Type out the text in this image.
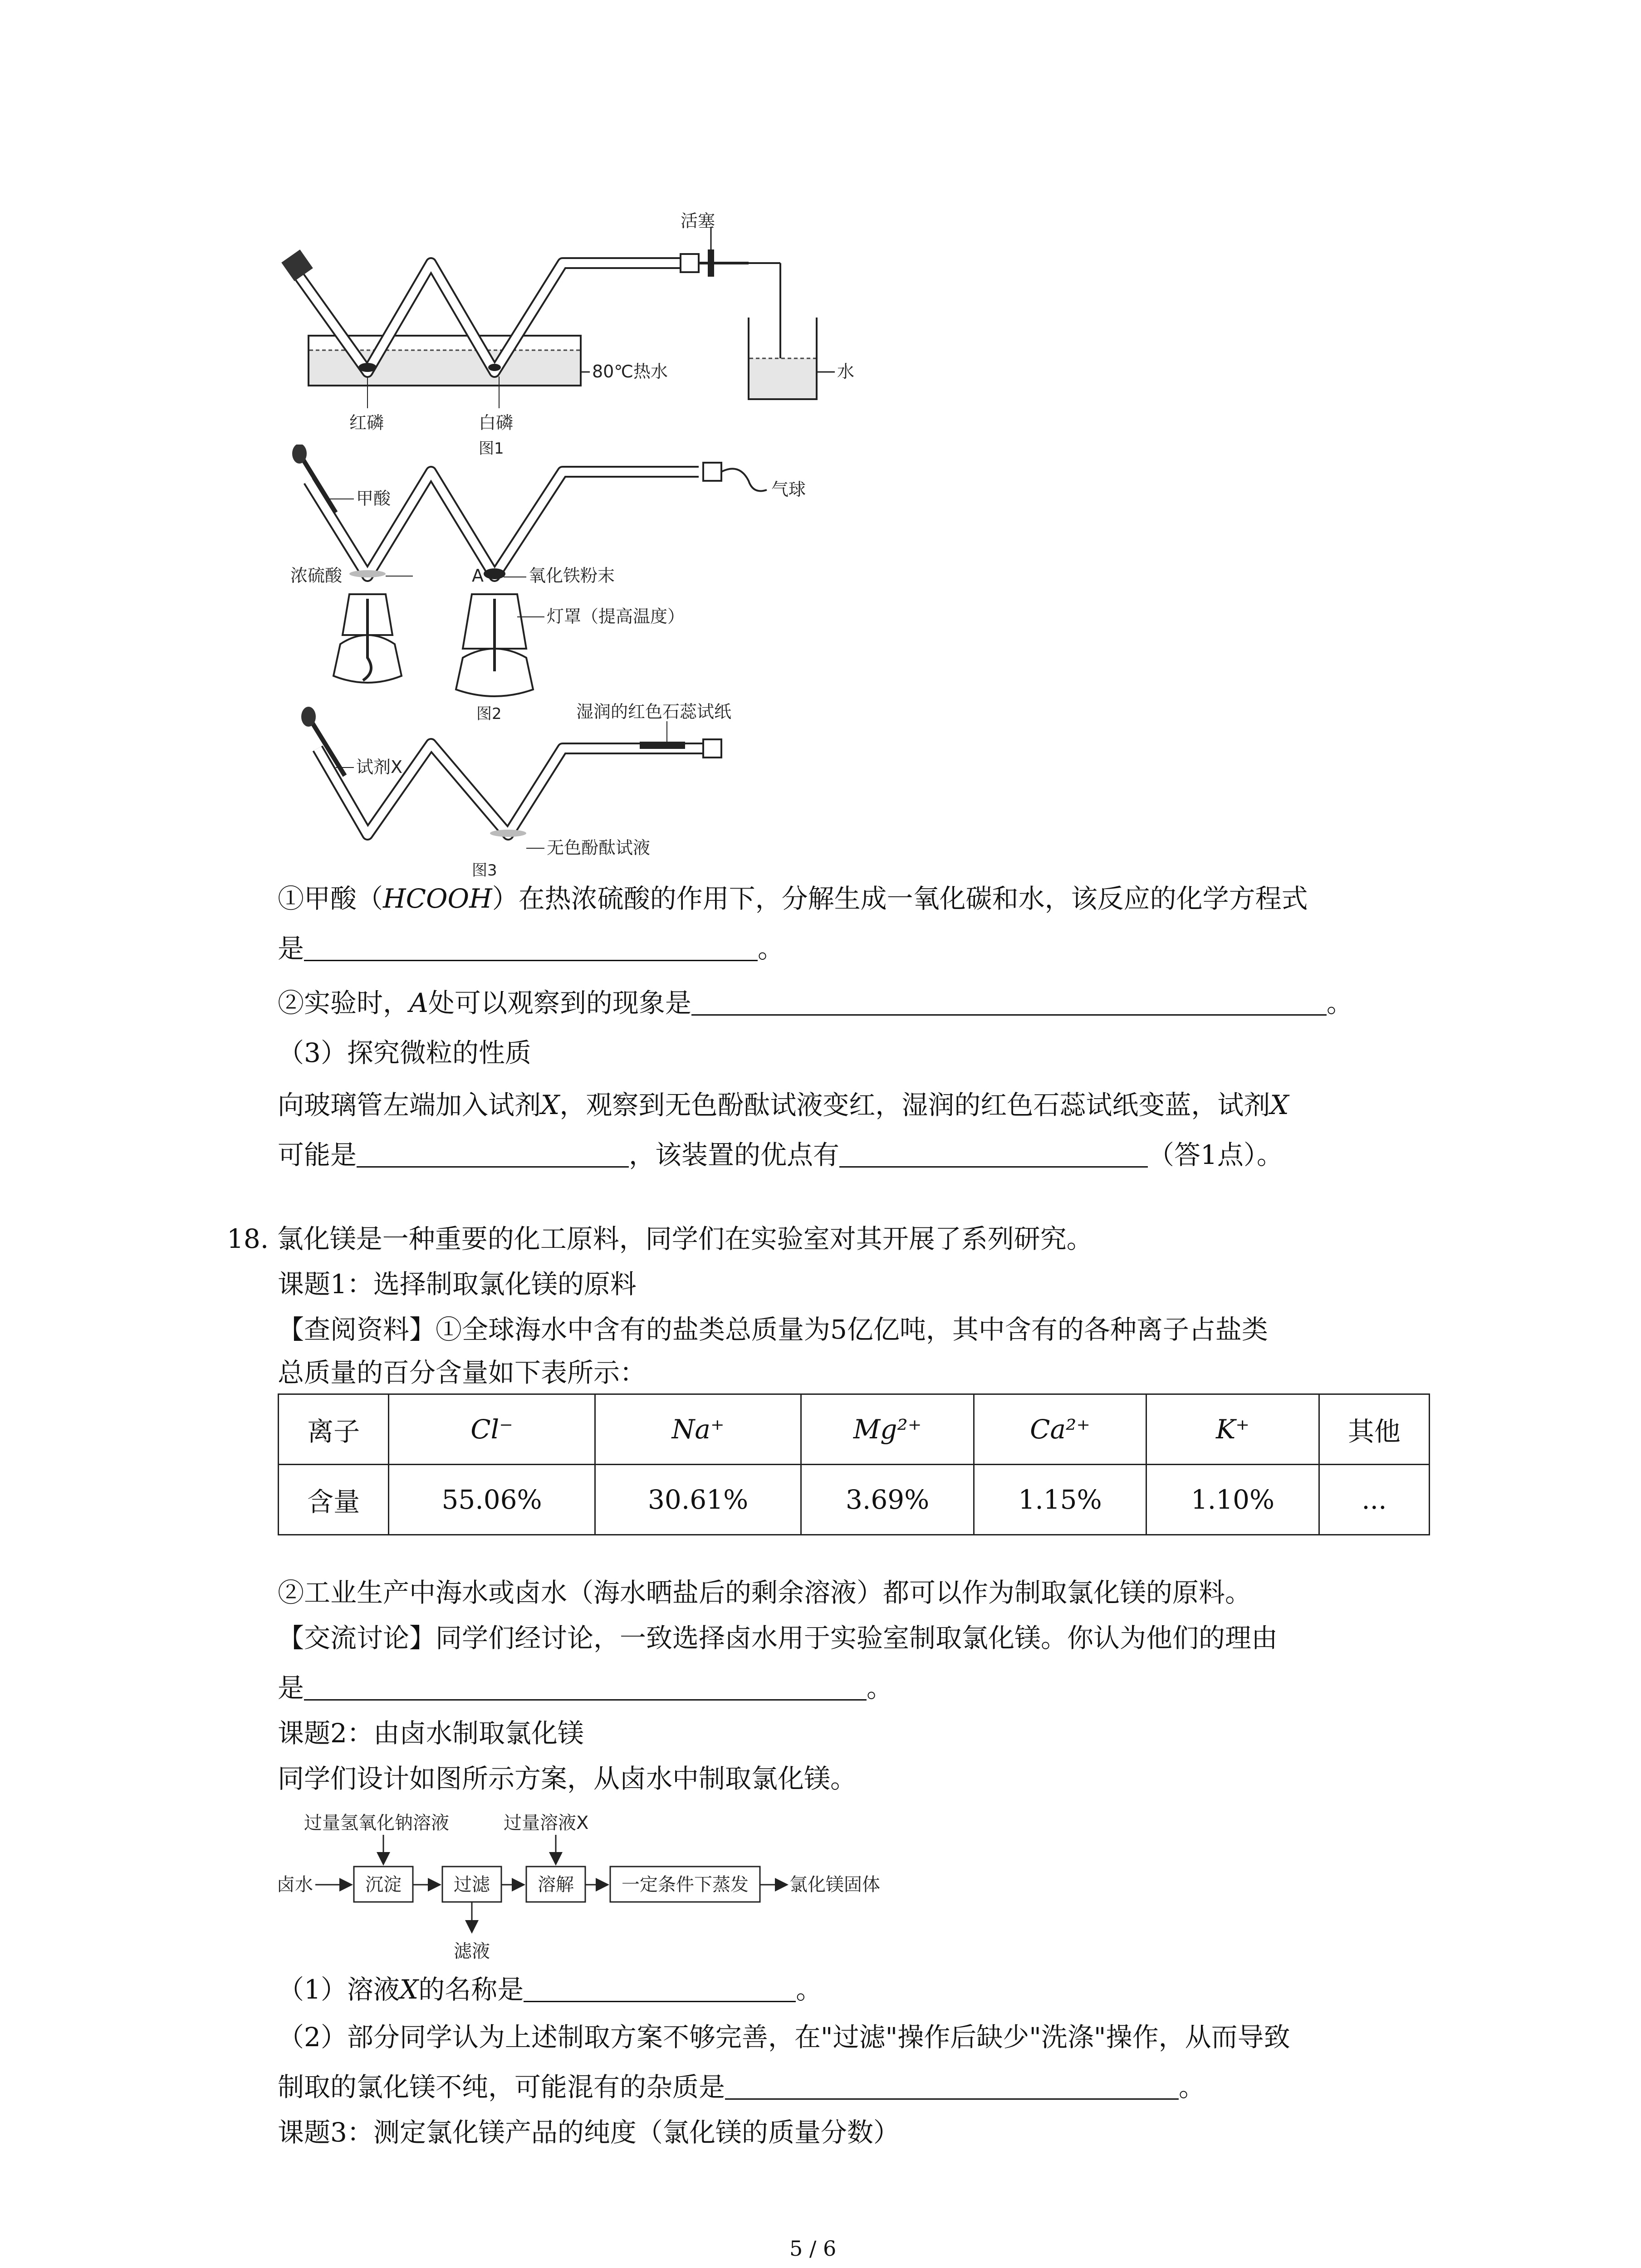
活塞
80℃热水	水
红磷	白磷
图1
甲酸
浓硫酸
气球
A	氧化铁粉末
灯罩（提高温度）
图2	湿润的红色石蕊试纸
试剂X
无色酚酞试液
图3
①甲酸（HCOOH）在热浓硫酸的作用下，分解生成一氧化碳和水，该反应的化学方程式
是	。
②实验时，A处可以观察到的现象是	。
（3）探究微粒的性质
向玻璃管左端加入试剂X，观察到无色酚酞试液变红，湿润的红色石蕊试纸变蓝，试剂X
可能是	，该装置的优点有	（答1点）。
18. 氯化镁是一种重要的化工原料，同学们在实验室对其开展了系列研究。
课题1：选择制取氯化镁的原料
【查阅资料】①全球海水中含有的盐类总质量为5亿亿吨，其中含有的各种离子占盐类
总质量的百分含量如下表所示：
离子	Cl⁻	Na⁺	Mg²⁺	Ca²⁺	K⁺	其他
含量	55.06%	30.61%	3.69%	1.15%	1.10%	...
②工业生产中海水或卤水（海水晒盐后的剩余溶液）都可以作为制取氯化镁的原料。
【交流讨论】同学们经讨论，一致选择卤水用于实验室制取氯化镁。你认为他们的理由
是	。
课题2：由卤水制取氯化镁
同学们设计如图所示方案，从卤水中制取氯化镁。
过量氢氧化钠溶液	过量溶液X
卤水	沉淀	过滤
滤液
溶解	一定条件下蒸发 氯化镁固体
（1）溶液X的名称是	。
（2）部分同学认为上述制取方案不够完善，在"过滤"操作后缺少"洗涤"操作，从而导致
制取的氯化镁不纯，可能混有的杂质是	。
课题3：测定氯化镁产品的纯度（氯化镁的质量分数）
5 / 6
